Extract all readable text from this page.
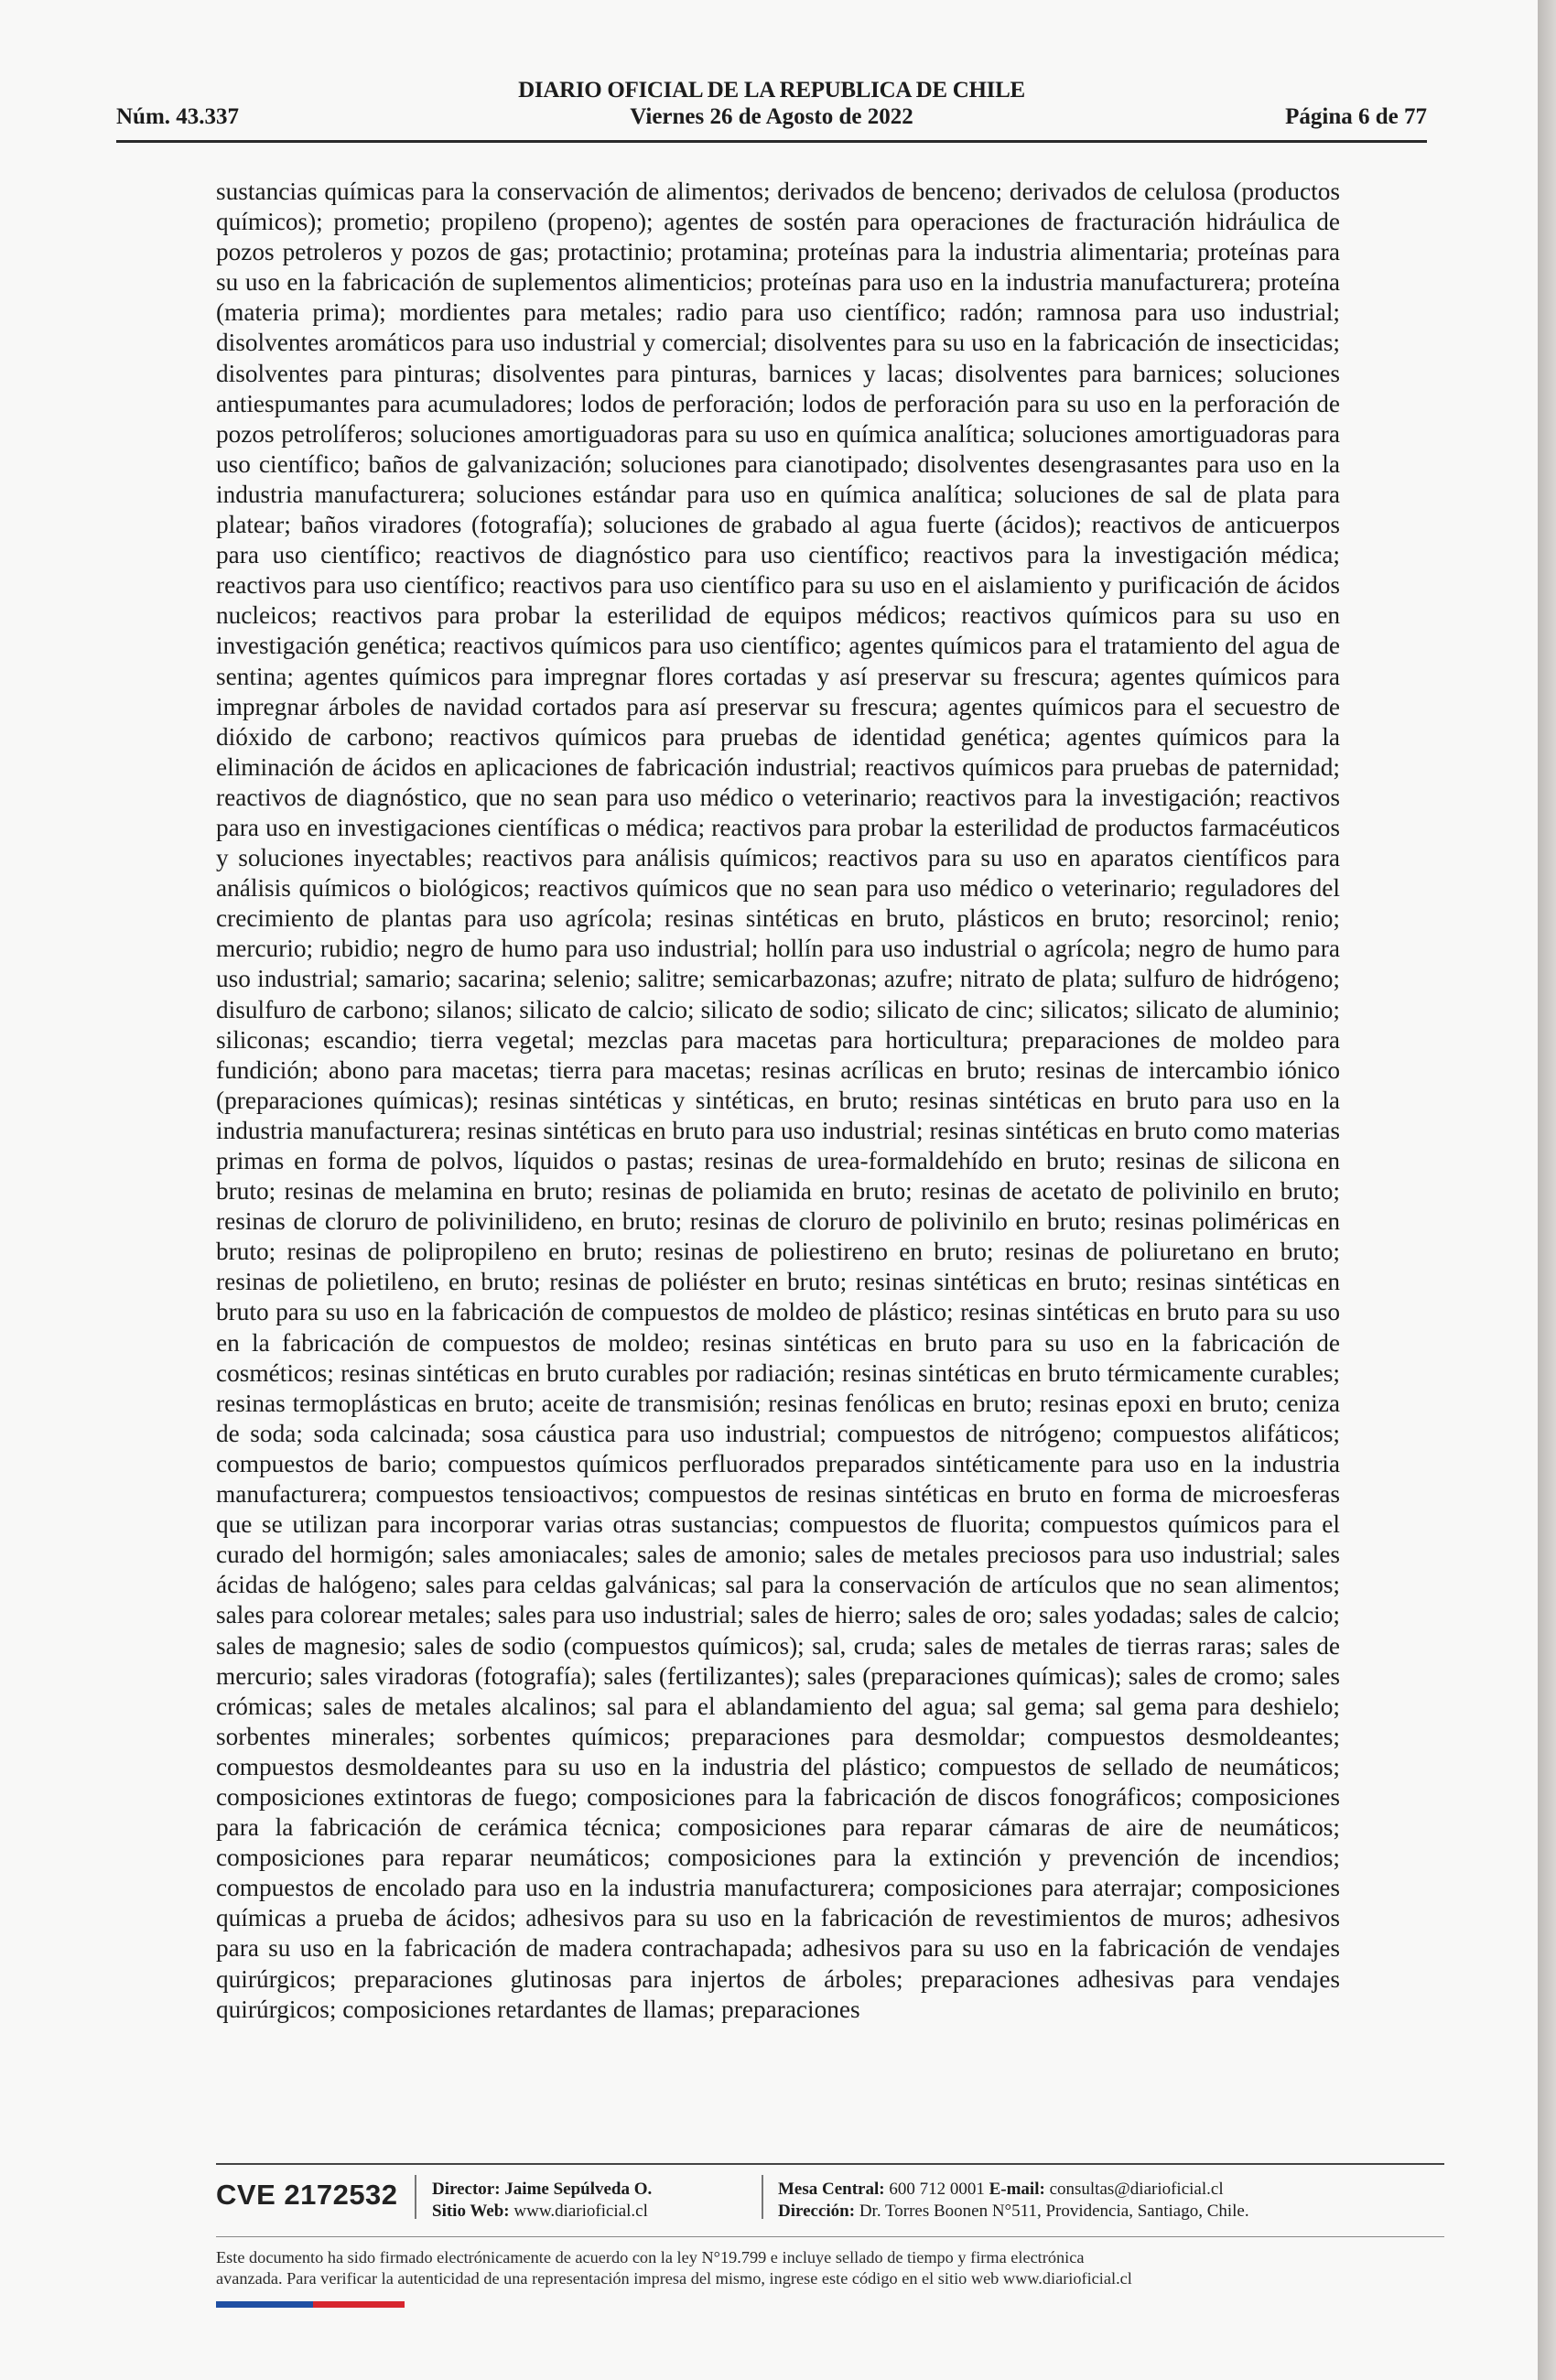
DIARIO OFICIAL DE LA REPUBLICA DE CHILE
Núm. 43.337	Viernes 26 de Agosto de 2022	Página 6 de 77
sustancias químicas para la conservación de alimentos; derivados de benceno; derivados de celulosa (productos químicos); prometio; propileno (propeno); agentes de sostén para operaciones de fracturación hidráulica de pozos petroleros y pozos de gas; protactinio; protamina; proteínas para la industria alimentaria; proteínas para su uso en la fabricación de suplementos alimenticios; proteínas para uso en la industria manufacturera; proteína (materia prima); mordientes para metales; radio para uso científico; radón; ramnosa para uso industrial; disolventes aromáticos para uso industrial y comercial; disolventes para su uso en la fabricación de insecticidas; disolventes para pinturas; disolventes para pinturas, barnices y lacas; disolventes para barnices; soluciones antiespumantes para acumuladores; lodos de perforación; lodos de perforación para su uso en la perforación de pozos petrolíferos; soluciones amortiguadoras para su uso en química analítica; soluciones amortiguadoras para uso científico; baños de galvanización; soluciones para cianotipado; disolventes desengrasantes para uso en la industria manufacturera; soluciones estándar para uso en química analítica; soluciones de sal de plata para platear; baños viradores (fotografía); soluciones de grabado al agua fuerte (ácidos); reactivos de anticuerpos para uso científico; reactivos de diagnóstico para uso científico; reactivos para la investigación médica; reactivos para uso científico; reactivos para uso científico para su uso en el aislamiento y purificación de ácidos nucleicos; reactivos para probar la esterilidad de equipos médicos; reactivos químicos para su uso en investigación genética; reactivos químicos para uso científico; agentes químicos para el tratamiento del agua de sentina; agentes químicos para impregnar flores cortadas y así preservar su frescura; agentes químicos para impregnar árboles de navidad cortados para así preservar su frescura; agentes químicos para el secuestro de dióxido de carbono; reactivos químicos para pruebas de identidad genética; agentes químicos para la eliminación de ácidos en aplicaciones de fabricación industrial; reactivos químicos para pruebas de paternidad; reactivos de diagnóstico, que no sean para uso médico o veterinario; reactivos para la investigación; reactivos para uso en investigaciones científicas o médica; reactivos para probar la esterilidad de productos farmacéuticos y soluciones inyectables; reactivos para análisis químicos; reactivos para su uso en aparatos científicos para análisis químicos o biológicos; reactivos químicos que no sean para uso médico o veterinario; reguladores del crecimiento de plantas para uso agrícola; resinas sintéticas en bruto, plásticos en bruto; resorcinol; renio; mercurio; rubidio; negro de humo para uso industrial; hollín para uso industrial o agrícola; negro de humo para uso industrial; samario; sacarina; selenio; salitre; semicarbazonas; azufre; nitrato de plata; sulfuro de hidrógeno; disulfuro de carbono; silanos; silicato de calcio; silicato de sodio; silicato de cinc; silicatos; silicato de aluminio; siliconas; escandio; tierra vegetal; mezclas para macetas para horticultura; preparaciones de moldeo para fundición; abono para macetas; tierra para macetas; resinas acrílicas en bruto; resinas de intercambio iónico (preparaciones químicas); resinas sintéticas y sintéticas, en bruto; resinas sintéticas en bruto para uso en la industria manufacturera; resinas sintéticas en bruto para uso industrial; resinas sintéticas en bruto como materias primas en forma de polvos, líquidos o pastas; resinas de urea-formaldehído en bruto; resinas de silicona en bruto; resinas de melamina en bruto; resinas de poliamida en bruto; resinas de acetato de polivinilo en bruto; resinas de cloruro de polivinilideno, en bruto; resinas de cloruro de polivinilo en bruto; resinas poliméricas en bruto; resinas de polipropileno en bruto; resinas de poliestireno en bruto; resinas de poliuretano en bruto; resinas de polietileno, en bruto; resinas de poliéster en bruto; resinas sintéticas en bruto; resinas sintéticas en bruto para su uso en la fabricación de compuestos de moldeo de plástico; resinas sintéticas en bruto para su uso en la fabricación de compuestos de moldeo; resinas sintéticas en bruto para su uso en la fabricación de cosméticos; resinas sintéticas en bruto curables por radiación; resinas sintéticas en bruto térmicamente curables; resinas termoplásticas en bruto; aceite de transmisión; resinas fenólicas en bruto; resinas epoxi en bruto; ceniza de soda; soda calcinada; sosa cáustica para uso industrial; compuestos de nitrógeno; compuestos alifáticos; compuestos de bario; compuestos químicos perfluorados preparados sintéticamente para uso en la industria manufacturera; compuestos tensioactivos; compuestos de resinas sintéticas en bruto en forma de microesferas que se utilizan para incorporar varias otras sustancias; compuestos de fluorita; compuestos químicos para el curado del hormigón; sales amoniacales; sales de amonio; sales de metales preciosos para uso industrial; sales ácidas de halógeno; sales para celdas galvánicas; sal para la conservación de artículos que no sean alimentos; sales para colorear metales; sales para uso industrial; sales de hierro; sales de oro; sales yodadas; sales de calcio; sales de magnesio; sales de sodio (compuestos químicos); sal, cruda; sales de metales de tierras raras; sales de mercurio; sales viradoras (fotografía); sales (fertilizantes); sales (preparaciones químicas); sales de cromo; sales crómicas; sales de metales alcalinos; sal para el ablandamiento del agua; sal gema; sal gema para deshielo; sorbentes minerales; sorbentes químicos; preparaciones para desmoldar; compuestos desmoldeantes; compuestos desmoldeantes para su uso en la industria del plástico; compuestos de sellado de neumáticos; composiciones extintoras de fuego; composiciones para la fabricación de discos fonográficos; composiciones para la fabricación de cerámica técnica; composiciones para reparar cámaras de aire de neumáticos; composiciones para reparar neumáticos; composiciones para la extinción y prevención de incendios; compuestos de encolado para uso en la industria manufacturera; composiciones para aterrajar; composiciones químicas a prueba de ácidos; adhesivos para su uso en la fabricación de revestimientos de muros; adhesivos para su uso en la fabricación de madera contrachapada; adhesivos para su uso en la fabricación de vendajes quirúrgicos; preparaciones glutinosas para injertos de árboles; preparaciones adhesivas para vendajes quirúrgicos; composiciones retardantes de llamas; preparaciones
CVE 2172532 Director: Jaime Sepúlveda O.
Sitio Web: www.diarioficial.cl
Mesa Central: 600 712 0001 E-mail: consultas@diarioficial.cl
Dirección: Dr. Torres Boonen N°511, Providencia, Santiago, Chile.
Este documento ha sido firmado electrónicamente de acuerdo con la ley N°19.799 e incluye sellado de tiempo y firma electrónica
avanzada. Para verificar la autenticidad de una representación impresa del mismo, ingrese este código en el sitio web www.diarioficial.cl
